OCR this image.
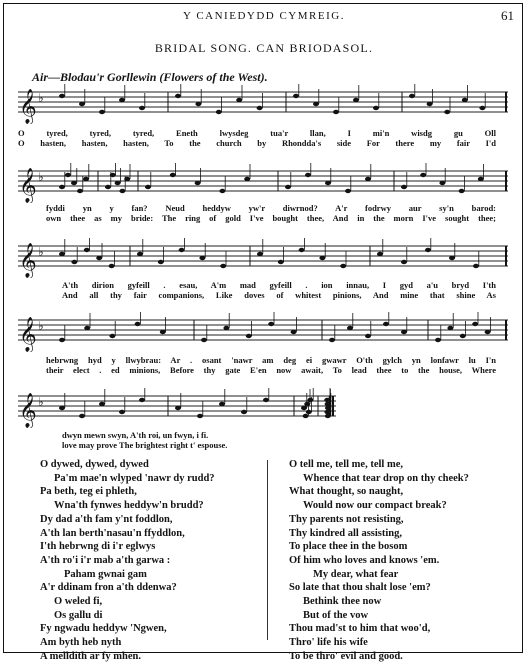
Y CANIEDYDD CYMREIG.	61
BRIDAL SONG. CAN BRIODASOL.
Air—Blodau'r Gorllewin (Flowers of the West).
𝄞 ♭
O tyred, tyred, tyred, Eneth lwysdeg tua'r llan, I mi'n wisdg gu Oll
O hasten, hasten, hasten, To the church by Rhondda's side For there my fair I'd
𝄞 ♭
fyddi yn y fan? Neud heddyw yw'r diwrnod? A'r fodrwy aur sy'n barod:
own thee as my bride: The ring of gold I've bought thee, And in the morn I've sought thee;
𝄞 ♭
A'th dirion gyfeill . esau, A'm mad gyfeill . ion innau, I gyd a'u bryd I'th
And all thy fair companions, Like doves of whitest pinions, And mine that shine As
𝄞 ♭
hebrwng hyd y llwybrau: Ar . osant 'nawr am deg ei gwawr O'th gylch yn lonfawr lu I'n
their elect . ed minions, Before thy gate E'en now await, To lead thee to the house, Where
𝄞 ♭
dwyn mewn swyn, A'th roi, un fwyn, i fi.
love may prove The brightest right t' espouse.
O dywed, dywed, dywed
Pa'm mae'n wlyped 'nawr dy rudd?
Pa beth, teg ei phleth,
Wna'th fynwes heddyw'n brudd?
Dy dad a'th fam y'nt foddlon,
A'th lan berth'nasau'n ffyddlon,
I'th hebrwng di i'r eglwys
A'th ro'i i'r mab a'th garwa :
Paham gwnai gam
A'r ddinam fron a'th ddenwa?
O weled fi,
Os gallu di
Fy ngwadu heddyw 'Ngwen,
Am byth heb nyth
A melldith ar fy mhen.
O tell me, tell me, tell me,
Whence that tear drop on thy cheek?
What thought, so naught,
Would now our compact break?
Thy parents not resisting,
Thy kindred all assisting,
To place thee in the bosom
Of him who loves and knows 'em.
My dear, what fear
So late that thou shalt lose 'em?
Bethink thee now
But of the vow
Thou mad'st to him that woo'd,
Thro' life his wife
To be thro' evil and good.
